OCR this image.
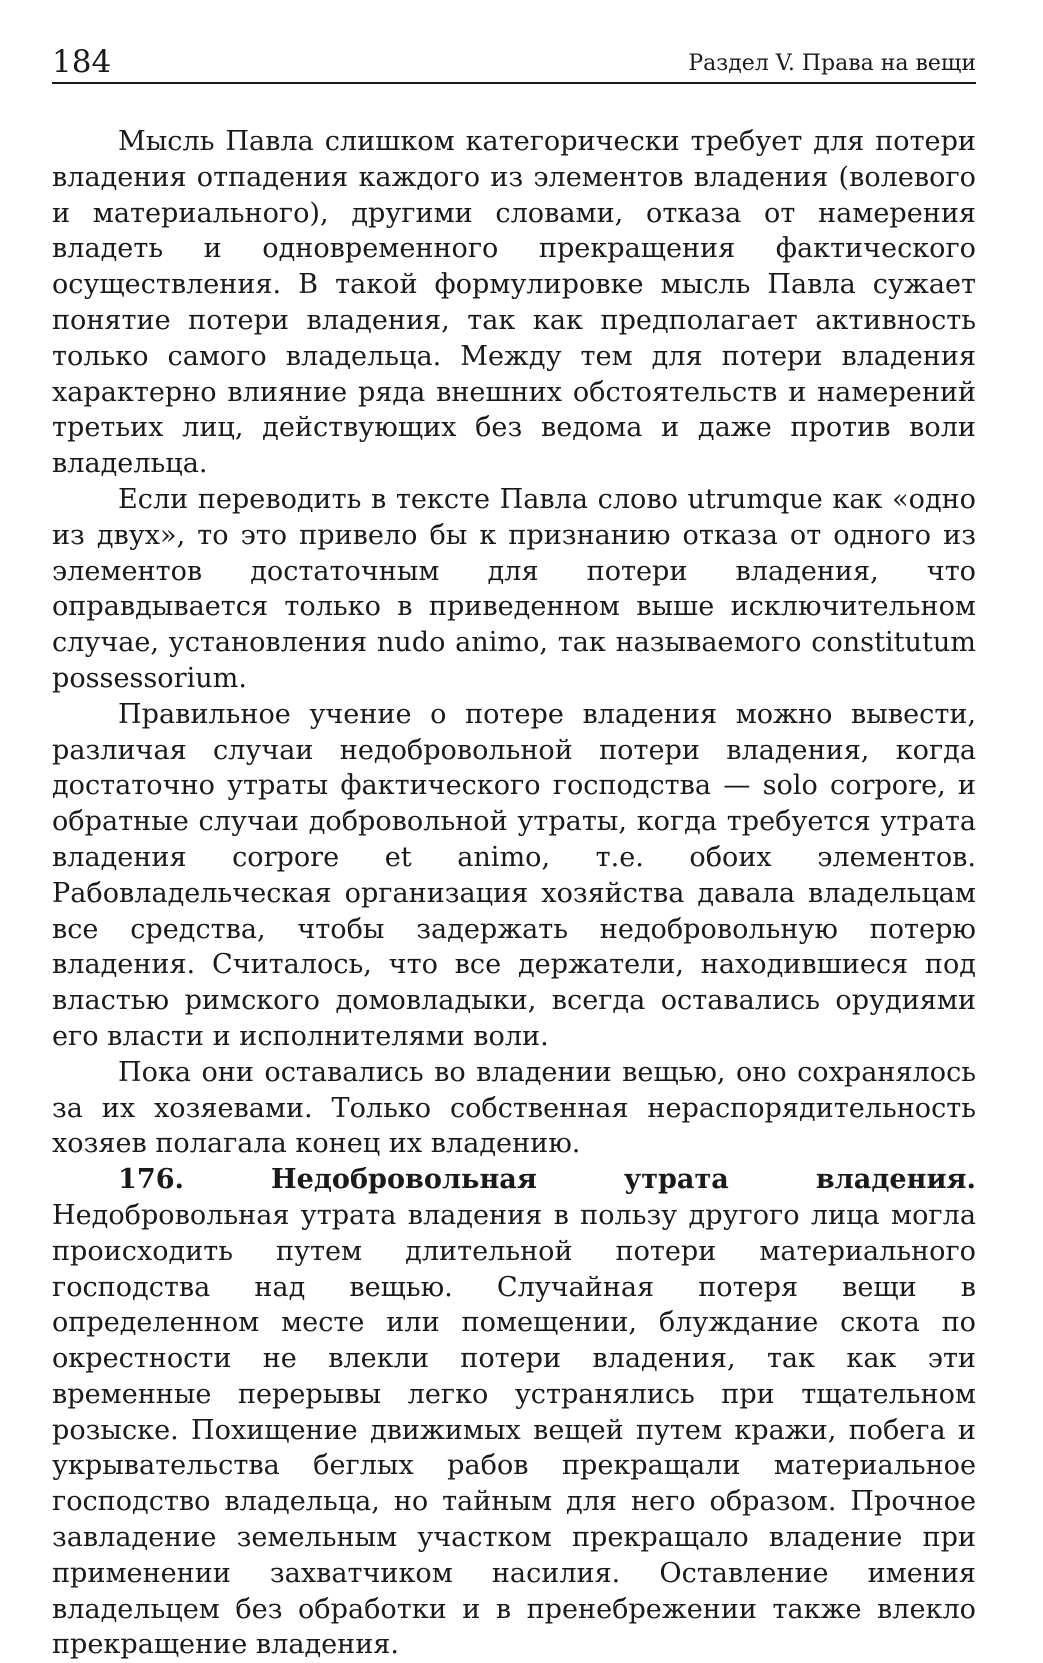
184	Раздел V. Права на вещи

Мысль Павла слишком категорически требует для потери владения отпадения каждого из элементов владения (волевого и материального), другими словами, отказа от намерения владеть и одновременного прекращения фактического осуществления. В такой формулировке мысль Павла сужает понятие потери владения, так как предполагает активность только самого владельца. Между тем для потери владения характерно влияние ряда внешних обстоятельств и намерений третьих лиц, действующих без ведома и даже против воли владельца.

Если переводить в тексте Павла слово utrumque как «одно из двух», то это привело бы к признанию отказа от одного из элементов достаточным для потери владения, что оправдывается только в приведенном выше исключительном случае, установления nudo animo, так называемого constitutum possessorium.

Правильное учение о потере владения можно вывести, различая случаи недобровольной потери владения, когда достаточно утраты фактического господства — solo corpore, и обратные случаи добровольной утраты, когда требуется утрата владения corpore et animo, т.е. обоих элементов. Рабовладельческая организация хозяйства давала владельцам все средства, чтобы задержать недобровольную потерю владения. Считалось, что все держатели, находившиеся под властью римского домовладыки, всегда оставались орудиями его власти и исполнителями воли.

Пока они оставались во владении вещью, оно сохранялось за их хозяевами. Только собственная нераспорядительность хозяев полагала конец их владению.

176. Недобровольная утрата владения. Недобровольная утрата владения в пользу другого лица могла происходить путем длительной потери материального господства над вещью. Случайная потеря вещи в определенном месте или помещении, блуждание скота по окрестности не влекли потери владения, так как эти временные перерывы легко устранялись при тщательном розыске. Похищение движимых вещей путем кражи, побега и укрывательства беглых рабов прекращали материальное господство владельца, но тайным для него образом. Прочное завладение земельным участком прекращало владение при применении захватчиком насилия. Оставление имения владельцем без обработки и в пренебрежении также влекло прекращение владения.
